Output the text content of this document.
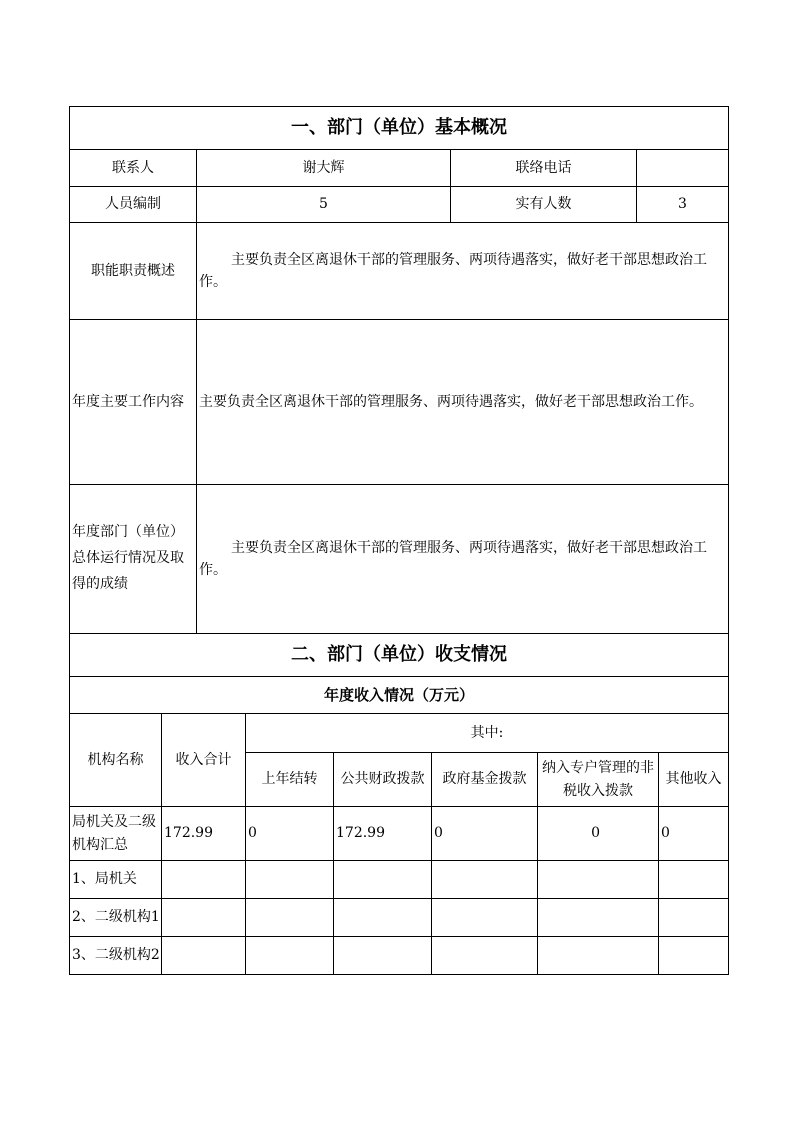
一、部门（单位）基本概况			
联系人	谢大辉	联络电话	
人员编制	5	实有人数	3
职能职责概述	主要负责全区离退休干部的管理服务、两项待遇落实，做好老干部思想政治工作。		
年度主要工作内容	主要负责全区离退休干部的管理服务、两项待遇落实，做好老干部思想政治工作。		
年度部门（单位）总体运行情况及取得的成绩	主要负责全区离退休干部的管理服务、两项待遇落实，做好老干部思想政治工作。		
二、部门（单位）收支情况						
年度收入情况（万元）						
机构名称	收入合计	其中:				
		上年结转	公共财政拨款	政府基金拨款	纳入专户管理的非税收入拨款	其他收入
局机关及二级机构汇总	172.99	0	172.99	0	0	0
1、局机关						
2、二级机构1						
3、二级机构2						
